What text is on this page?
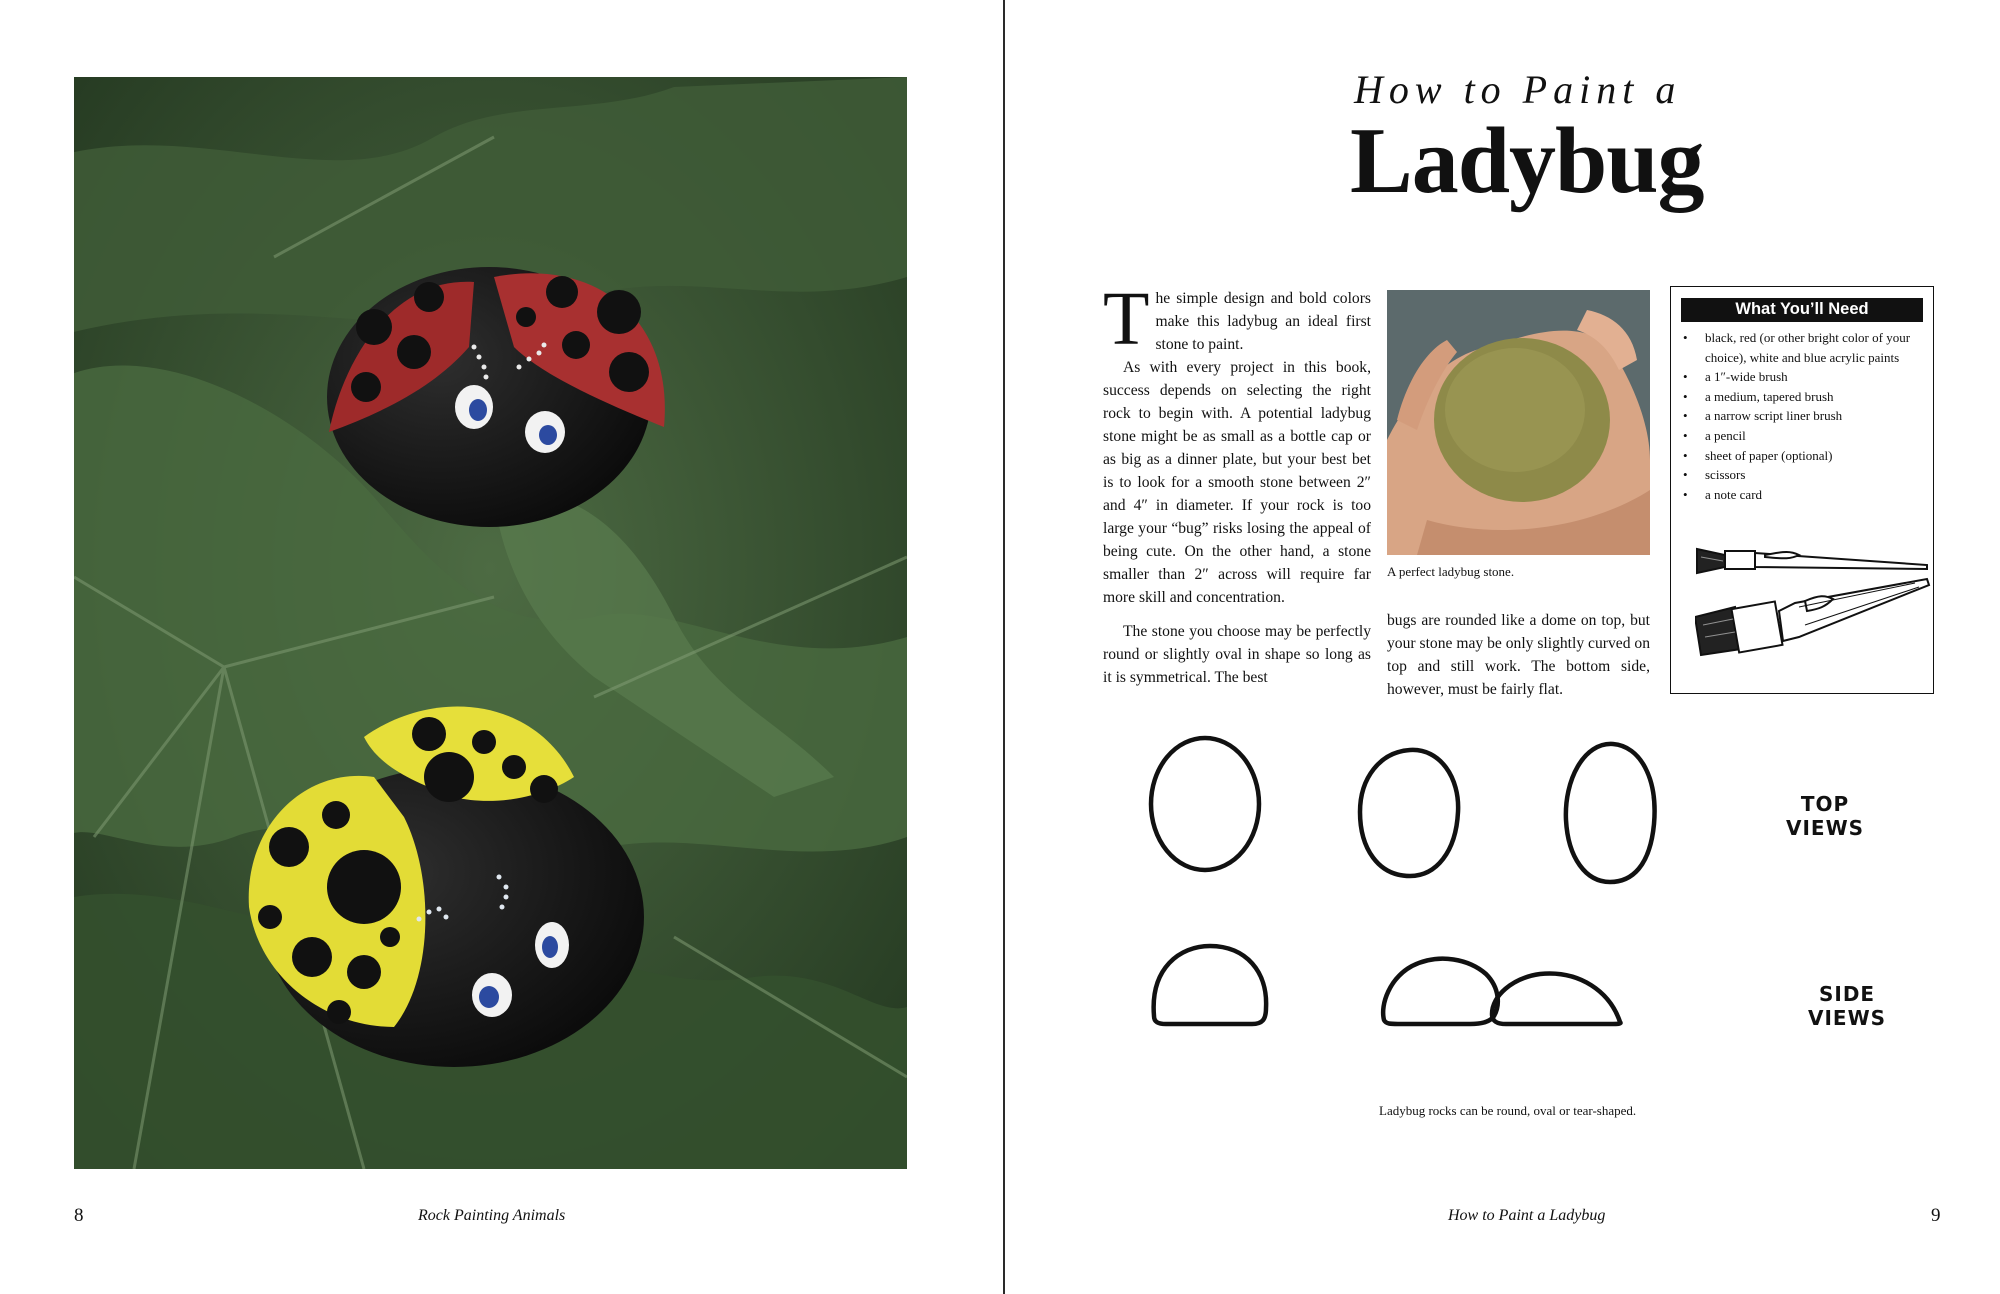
8	Rock Painting Animals
How to Paint a
Ladybug

The simple design and bold colors make this ladybug an ideal first stone to paint.

As with every project in this book, success depends on selecting the right rock to begin with. A potential ladybug stone might be as small as a bottle cap or as big as a dinner plate, but your best bet is to look for a smooth stone between 2″ and 4″ in diameter. If your rock is too large your “bug” risks losing the appeal of being cute. On the other hand, a stone smaller than 2″ across will require far more skill and concentration.

The stone you choose may be perfectly round or slightly oval in shape so long as it is symmetrical. The best

A perfect ladybug stone.

bugs are rounded like a dome on top, but your stone may be only slightly curved on top and still work. The bottom side, however, must be fairly flat.

What You’ll Need
• black, red (or other bright color of your choice), white and blue acrylic paints
• a 1″-wide brush
• a medium, tapered brush
• a narrow script liner brush
• a pencil
• sheet of paper (optional)
• scissors
• a note card
TOP
VIEWS
SIDE
VIEWS
Ladybug rocks can be round, oval or tear-shaped.
How to Paint a Ladybug	9
